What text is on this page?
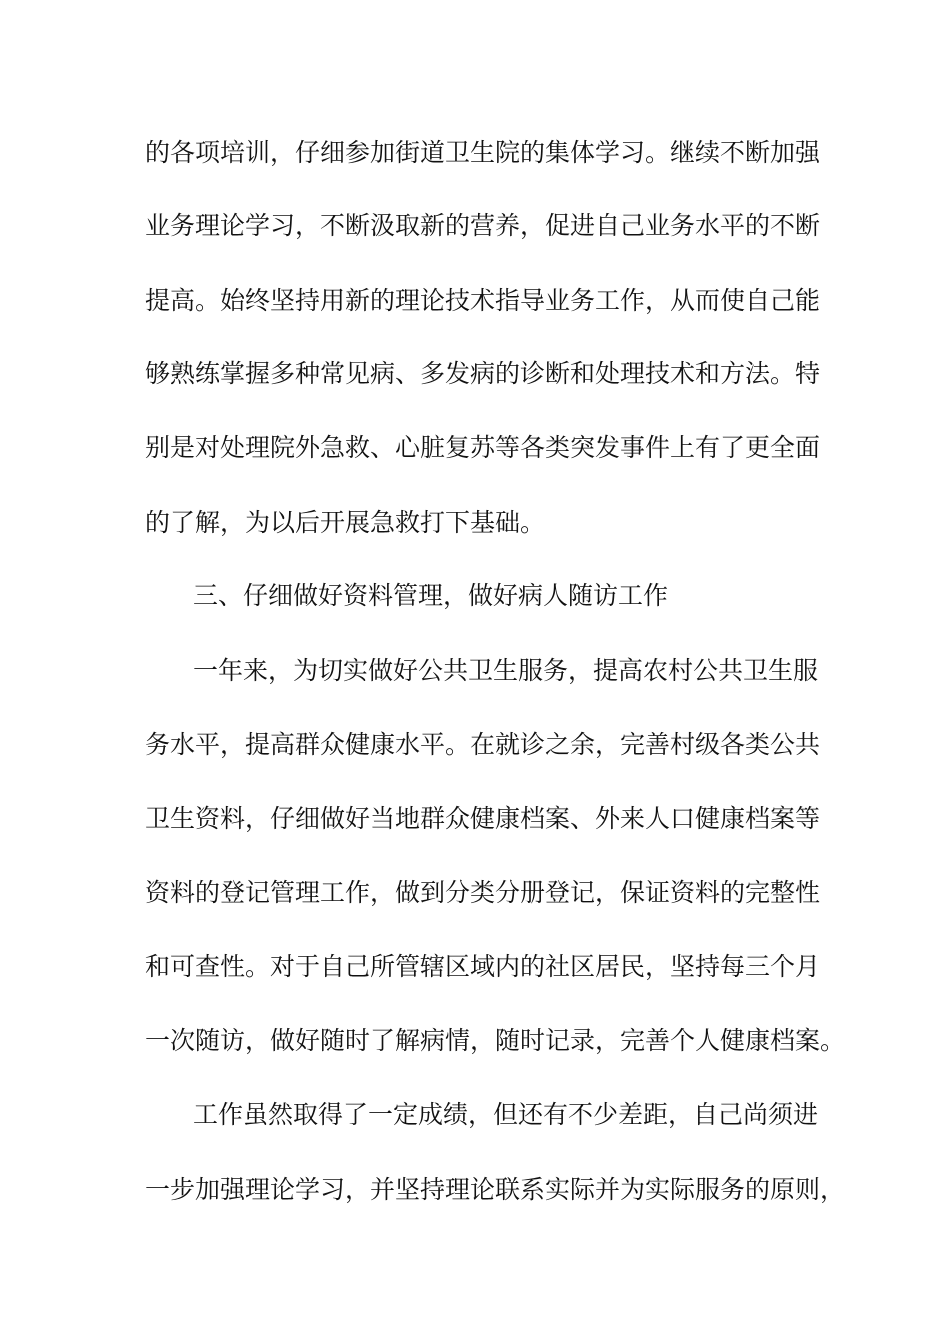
的各项培训，仔细参加街道卫生院的集体学习。继续不断加强
业务理论学习，不断汲取新的营养，促进自己业务水平的不断
提高。始终坚持用新的理论技术指导业务工作，从而使自己能
够熟练掌握多种常见病、多发病的诊断和处理技术和方法。特
别是对处理院外急救、心脏复苏等各类突发事件上有了更全面
的了解，为以后开展急救打下基础。
三、仔细做好资料管理，做好病人随访工作
一年来，为切实做好公共卫生服务，提高农村公共卫生服
务水平，提高群众健康水平。在就诊之余，完善村级各类公共
卫生资料，仔细做好当地群众健康档案、外来人口健康档案等
资料的登记管理工作，做到分类分册登记，保证资料的完整性
和可查性。对于自己所管辖区域内的社区居民，坚持每三个月
一次随访，做好随时了解病情，随时记录，完善个人健康档案。
工作虽然取得了一定成绩，但还有不少差距，自己尚须进
一步加强理论学习，并坚持理论联系实际并为实际服务的原则，
